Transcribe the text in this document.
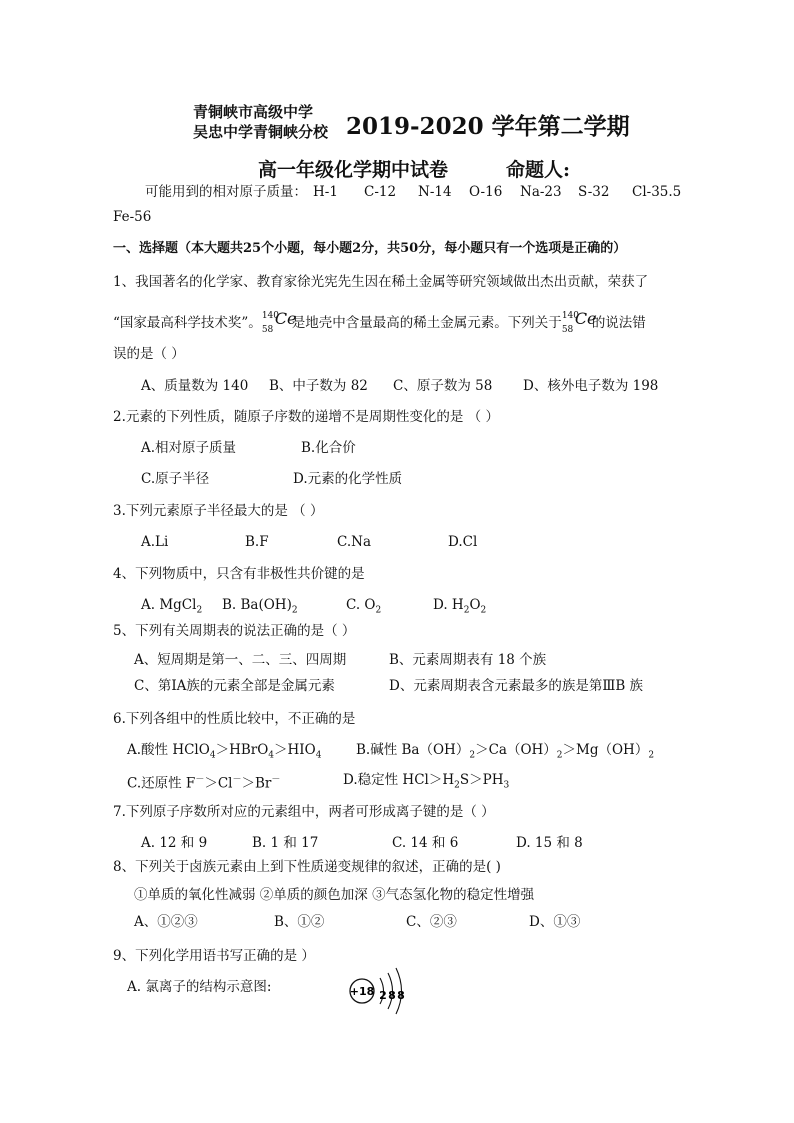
青铜峡市高级中学
吴忠中学青铜峡分校 2019-2020 学年第二学期
高一年级化学期中试卷	命题人:
可能用到的相对原子质量： H-1 C-12 N-14 O-16 Na-23 S-32 Cl-35.5
Fe-56
一、选择题（本大题共25个小题，每小题2分，共50分，每小题只有一个选项是正确的）
1、我国著名的化学家、教育家徐光宪先生因在稀土金属等研究领域做出杰出贡献，荣获了
“国家最高科学技术奖”。 140
58
Ce
是地壳中含量最高的稀土金属元素。下列关于 140
58
Ce
的说法错
误的是（ ）
A、质量数为 140 B、中子数为 82 C、原子数为 58 D、核外电子数为 198
2.元素的下列性质，随原子序数的递增不是周期性变化的是 （ ）
A.相对原子质量	B.化合价
C.原子半径	D.元素的化学性质
3.下列元素原子半径最大的是 （ ）
A.Li	B.F	C.Na	D.Cl
4、下列物质中，只含有非极性共价键的是
A. MgCl$_2$ B. $Ba(OH)_2$	C. $O_2$	D. $H_2O_2$
5、下列有关周期表的说法正确的是（ ）
A、短周期是第一、二、三、四周期	B、元素周期表有 18 个族
C、第ⅠA族的元素全部是金属元素	D、元素周期表含元素最多的族是第ⅢB 族
6.下列各组中的性质比较中，不正确的是
A.酸性 $HClO_4>HBrO_4>HIO_4$	B.碱性 $Ba(OH)_2>Ca(OH)_2>Mg(OH)_2$
C.还原性 F－＞Cl－＞Br－	D.稳定性 $HCl>H_2S>PH_3$
7.下列原子序数所对应的元素组中，两者可形成离子键的是（ ）
A. 12 和 9	B. 1 和 17	C. 14 和 6	D. 15 和 8
8、下列关于卤族元素由上到下性质递变规律的叙述，正确的是( )
①单质的氧化性减弱 ②单质的颜色加深 ③气态氢化物的稳定性增强
A、①②③	B、①②	C、②③	D、①③
9、下列化学用语书写正确的是 ）
A. 氯离子的结构示意图:	+18 2 8 8
